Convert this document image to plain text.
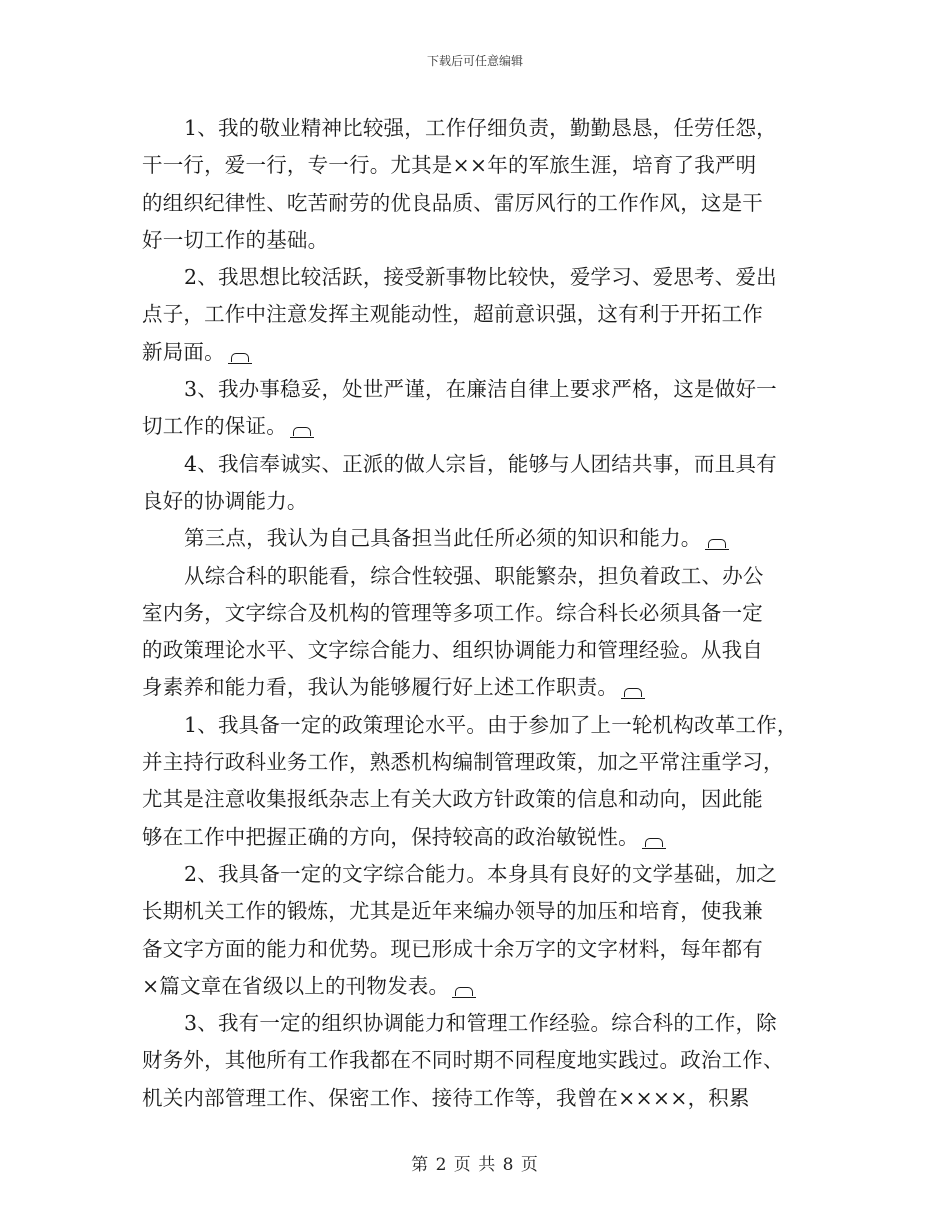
下载后可任意编辑
1、我的敬业精神比较强，工作仔细负责，勤勤恳恳，任劳任怨，
干一行，爱一行，专一行。尤其是××年的军旅生涯，培育了我严明
的组织纪律性、吃苦耐劳的优良品质、雷厉风行的工作作风，这是干
好一切工作的基础。
2、我思想比较活跃，接受新事物比较快，爱学习、爱思考、爱出
点子，工作中注意发挥主观能动性，超前意识强，这有利于开拓工作
新局面。
3、我办事稳妥，处世严谨，在廉洁自律上要求严格，这是做好一
切工作的保证。
4、我信奉诚实、正派的做人宗旨，能够与人团结共事，而且具有
良好的协调能力。
第三点，我认为自己具备担当此任所必须的知识和能力。
从综合科的职能看，综合性较强、职能繁杂，担负着政工、办公
室内务，文字综合及机构的管理等多项工作。综合科长必须具备一定
的政策理论水平、文字综合能力、组织协调能力和管理经验。从我自
身素养和能力看，我认为能够履行好上述工作职责。
1、我具备一定的政策理论水平。由于参加了上一轮机构改革工作，
并主持行政科业务工作，熟悉机构编制管理政策，加之平常注重学习，
尤其是注意收集报纸杂志上有关大政方针政策的信息和动向，因此能
够在工作中把握正确的方向，保持较高的政治敏锐性。
2、我具备一定的文字综合能力。本身具有良好的文学基础，加之
长期机关工作的锻炼，尤其是近年来编办领导的加压和培育，使我兼
备文字方面的能力和优势。现已形成十余万字的文字材料，每年都有
×篇文章在省级以上的刊物发表。
3、我有一定的组织协调能力和管理工作经验。综合科的工作，除
财务外，其他所有工作我都在不同时期不同程度地实践过。政治工作、
机关内部管理工作、保密工作、接待工作等，我曾在××××，积累
第 2 页 共 8 页
